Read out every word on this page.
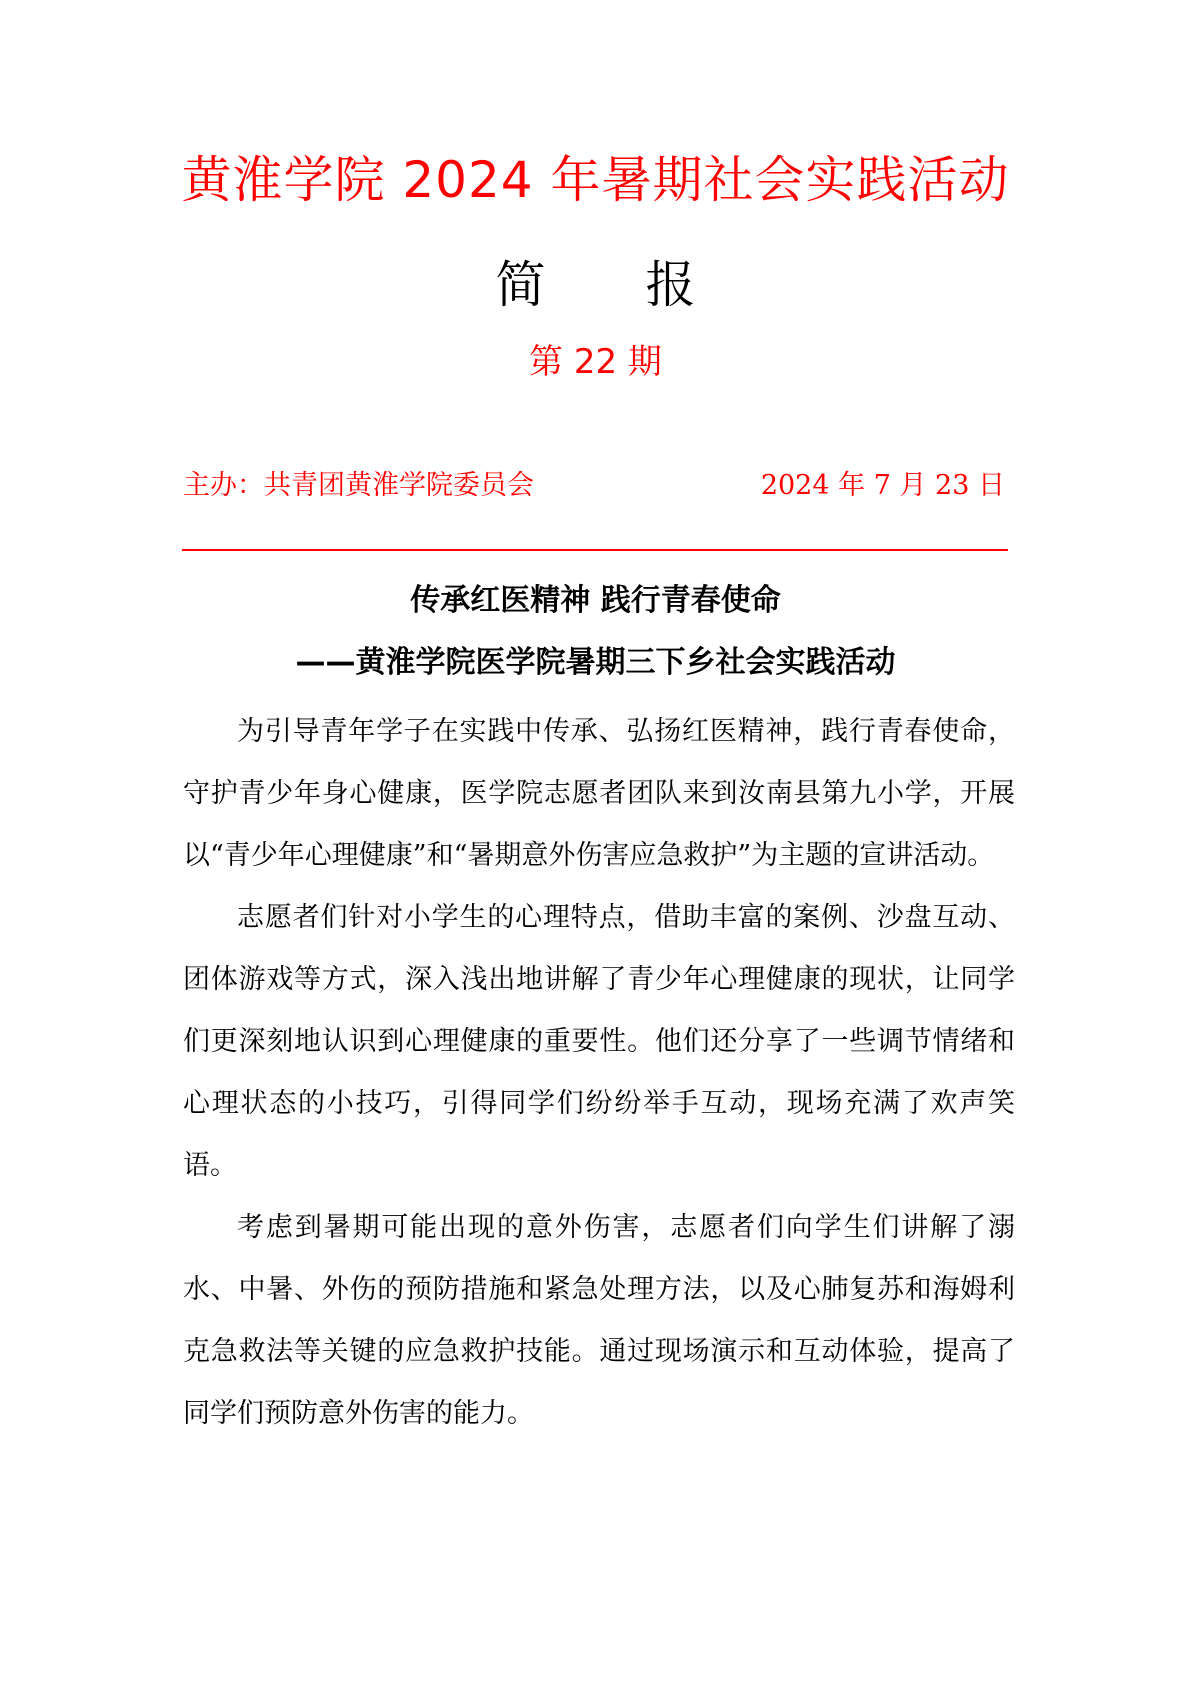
黄淮学院 2024 年暑期社会实践活动
简　　报
第 22 期
主办：共青团黄淮学院委员会	2024 年 7 月 23 日
传承红医精神 践行青春使命
——黄淮学院医学院暑期三下乡社会实践活动

为引导青年学子在实践中传承、弘扬红医精神，践行青春使命，守护青少年身心健康，医学院志愿者团队来到汝南县第九小学，开展以“青少年心理健康”和“暑期意外伤害应急救护”为主题的宣讲活动。

志愿者们针对小学生的心理特点，借助丰富的案例、沙盘互动、团体游戏等方式，深入浅出地讲解了青少年心理健康的现状，让同学们更深刻地认识到心理健康的重要性。他们还分享了一些调节情绪和心理状态的小技巧，引得同学们纷纷举手互动，现场充满了欢声笑语。

考虑到暑期可能出现的意外伤害，志愿者们向学生们讲解了溺水、中暑、外伤的预防措施和紧急处理方法，以及心肺复苏和海姆利克急救法等关键的应急救护技能。通过现场演示和互动体验，提高了同学们预防意外伤害的能力。
